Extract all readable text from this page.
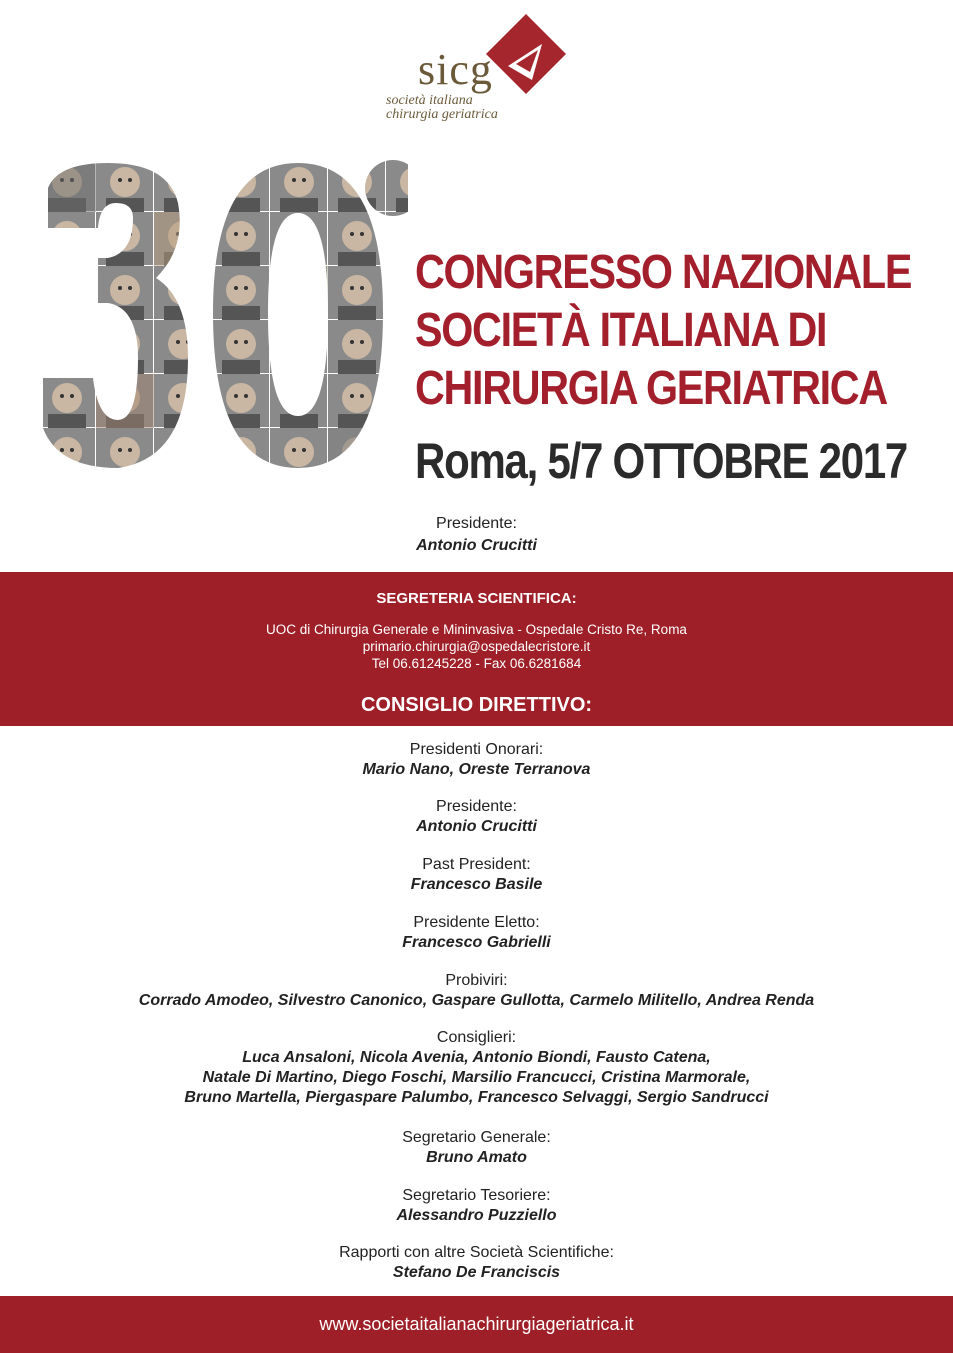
sicg
società italiana
chirurgia geriatrica
CONGRESSO NAZIONALE
SOCIETÀ ITALIANA DI
CHIRURGIA GERIATRICA
Roma, 5/7 OTTOBRE 2017
Presidente:
Antonio Crucitti
SEGRETERIA SCIENTIFICA:
UOC di Chirurgia Generale e Mininvasiva - Ospedale Cristo Re, Roma
primario.chirurgia@ospedalecristore.it
Tel 06.61245228 - Fax 06.6281684
CONSIGLIO DIRETTIVO:
Presidenti Onorari:
Mario Nano, Oreste Terranova
Presidente:
Antonio Crucitti
Past President:
Francesco Basile
Presidente Eletto:
Francesco Gabrielli
Probiviri:
Corrado Amodeo, Silvestro Canonico, Gaspare Gullotta, Carmelo Militello, Andrea Renda
Consiglieri:
Luca Ansaloni, Nicola Avenia, Antonio Biondi, Fausto Catena,
Natale Di Martino, Diego Foschi, Marsilio Francucci, Cristina Marmorale,
Bruno Martella, Piergaspare Palumbo, Francesco Selvaggi, Sergio Sandrucci
Segretario Generale:
Bruno Amato
Segretario Tesoriere:
Alessandro Puzziello
Rapporti con altre Società Scientifiche:
Stefano De Franciscis
www.societaitalianachirurgiageriatrica.it
